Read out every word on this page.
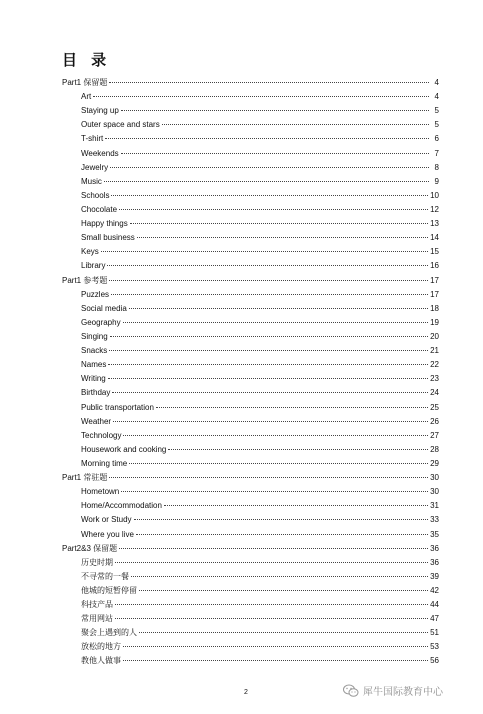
目 录
Part1 保留题	4
Art	4
Staying up	5
Outer space and stars	5
T-shirt	6
Weekends	7
Jewelry	8
Music	9
Schools	10
Chocolate	12
Happy things	13
Small business	14
Keys	15
Library	16
Part1 参考题	17
Puzzles	17
Social media	18
Geography	19
Singing	20
Snacks	21
Names	22
Writing	23
Birthday	24
Public transportation	25
Weather	26
Technology	27
Housework and cooking	28
Morning time	29
Part1 常驻题	30
Hometown	30
Home/Accommodation	31
Work or Study	33
Where you live	35
Part2&3 保留题	36
历史时期	36
不寻常的一餐	39
他城的短暂停留	42
科技产品	44
常用网站	47
聚会上遇到的人	51
放松的地方	53
教他人做事	56
2	犀牛国际教育中心
